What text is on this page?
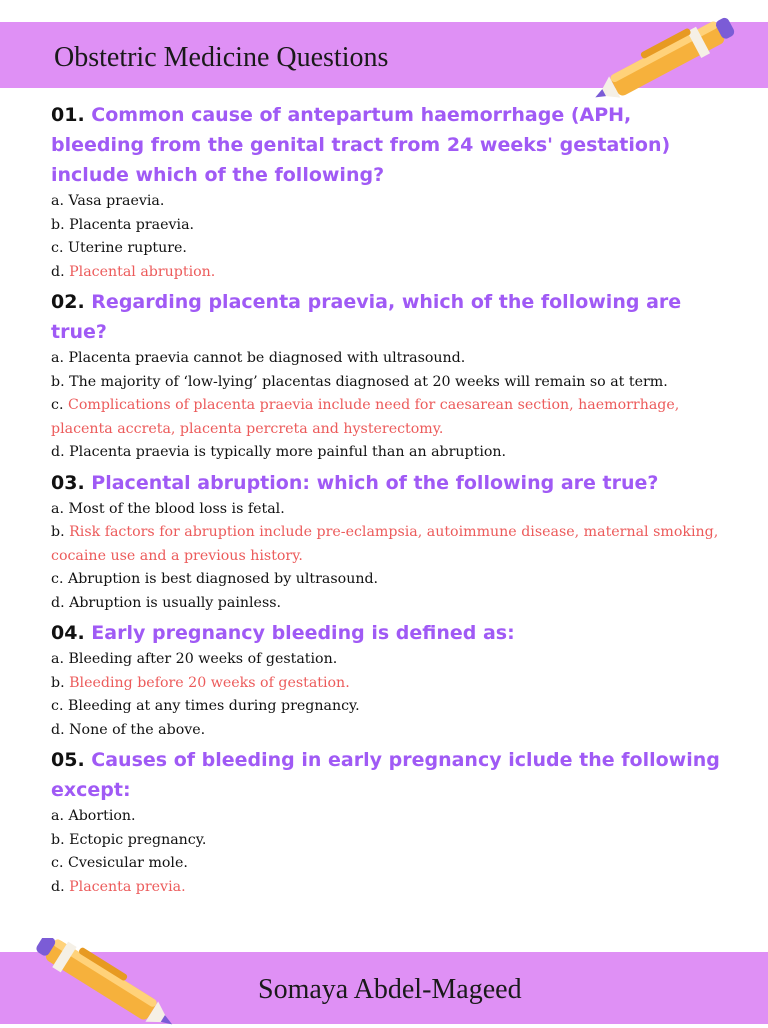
Obstetric Medicine Questions

01. Common cause of antepartum haemorrhage (APH, bleeding from the genital tract from 24 weeks' gestation) include which of the following?

a. Vasa praevia.

b. Placenta praevia.

c. Uterine rupture.

d. Placental abruption.

02. Regarding placenta praevia, which of the following are true?

a. Placenta praevia cannot be diagnosed with ultrasound.

b. The majority of ‘low-lying’ placentas diagnosed at 20 weeks will remain so at term.

c. Complications of placenta praevia include need for caesarean section, haemorrhage, placenta accreta, placenta percreta and hysterectomy.

d. Placenta praevia is typically more painful than an abruption.

03. Placental abruption: which of the following are true?

a. Most of the blood loss is fetal.

b. Risk factors for abruption include pre-eclampsia, autoimmune disease, maternal smoking, cocaine use and a previous history.

c. Abruption is best diagnosed by ultrasound.

d. Abruption is usually painless.

04. Early pregnancy bleeding is defined as:

a. Bleeding after 20 weeks of gestation.

b. Bleeding before 20 weeks of gestation.

c. Bleeding at any times during pregnancy.

d. None of the above.

05. Causes of bleeding in early pregnancy iclude the following except:

a. Abortion.

b. Ectopic pregnancy.

c. Cvesicular mole.

d. Placenta previa.

Somaya Abdel-Mageed
